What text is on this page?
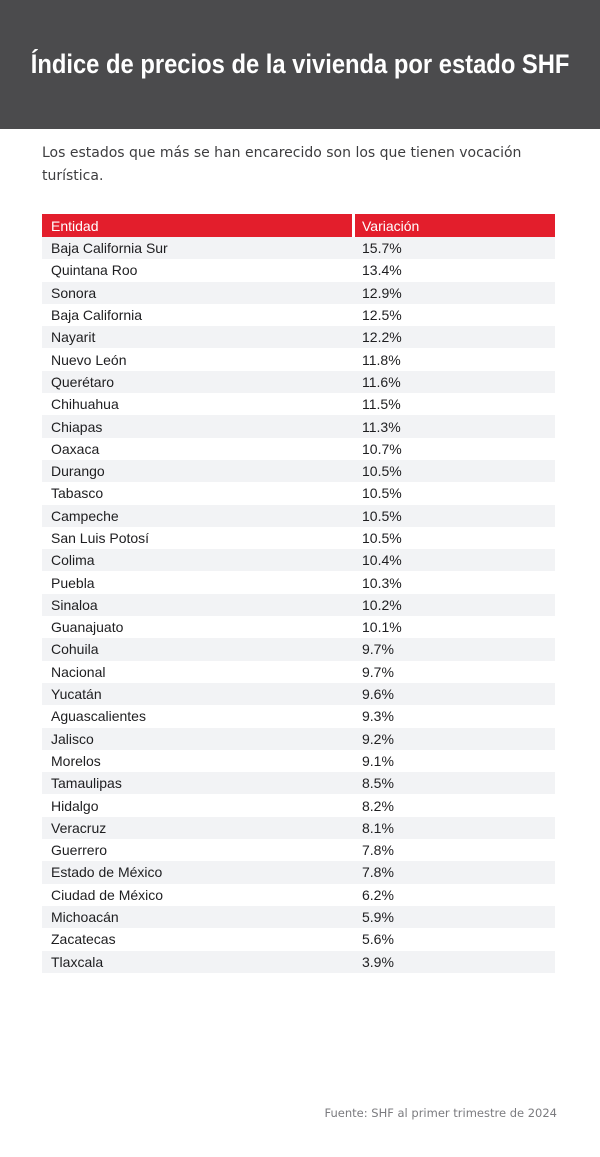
Índice de precios de la vivienda por estado SHF

Los estados que más se han encarecido son los que tienen vocación turística.

Entidad	Variación
Baja California Sur	15.7%
Quintana Roo	13.4%
Sonora	12.9%
Baja California	12.5%
Nayarit	12.2%
Nuevo León	11.8%
Querétaro	11.6%
Chihuahua	11.5%
Chiapas	11.3%
Oaxaca	10.7%
Durango	10.5%
Tabasco	10.5%
Campeche	10.5%
San Luis Potosí	10.5%
Colima	10.4%
Puebla	10.3%
Sinaloa	10.2%
Guanajuato	10.1%
Cohuila	9.7%
Nacional	9.7%
Yucatán	9.6%
Aguascalientes	9.3%
Jalisco	9.2%
Morelos	9.1%
Tamaulipas	8.5%
Hidalgo	8.2%
Veracruz	8.1%
Guerrero	7.8%
Estado de México	7.8%
Ciudad de México	6.2%
Michoacán	5.9%
Zacatecas	5.6%
Tlaxcala	3.9%
Fuente: SHF al primer trimestre de 2024
